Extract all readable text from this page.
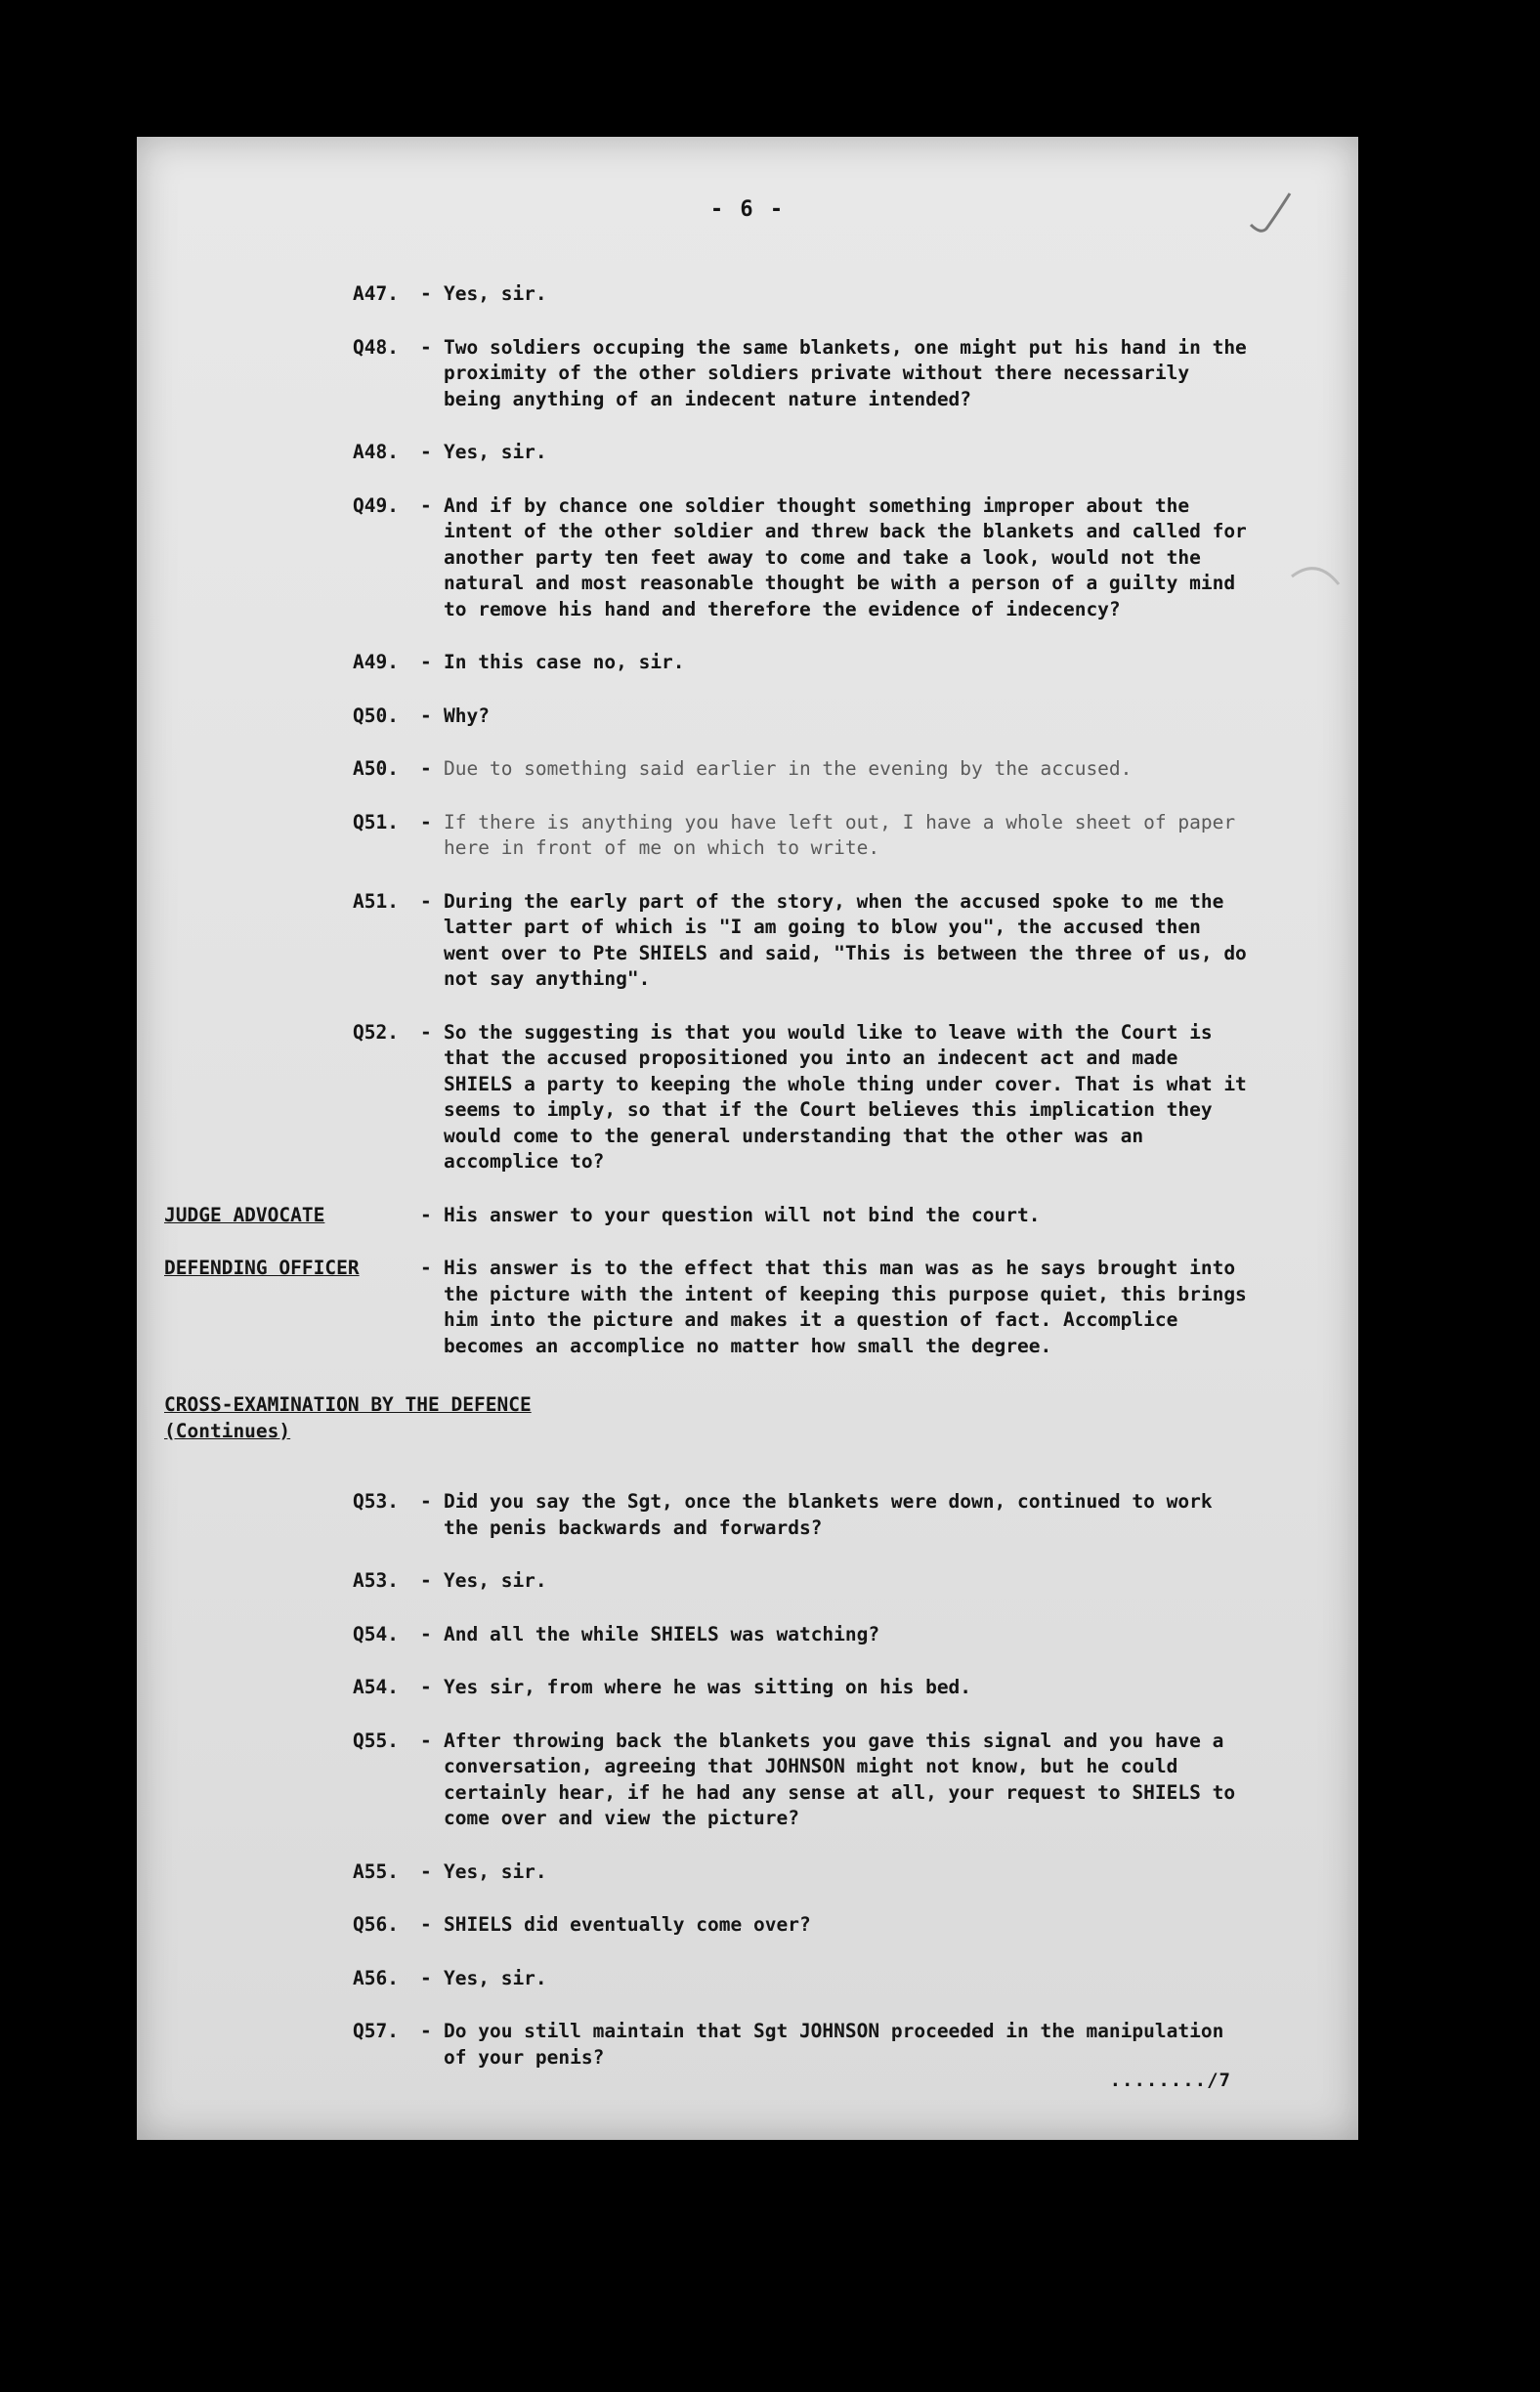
- 6 -
A47. - Yes, sir.
Q48. - Two soldiers occuping the same blankets, one might put his hand in the proximity of the other soldiers private without there necessarily being anything of an indecent nature intended?
A48. - Yes, sir.
Q49. - And if by chance one soldier thought something improper about the intent of the other soldier and threw back the blankets and called for another party ten feet away to come and take a look, would not the natural and most reasonable thought be with a person of a guilty mind to remove his hand and therefore the evidence of indecency?
A49. - In this case no, sir.
Q50. - Why?
A50. - Due to something said earlier in the evening by the accused.
Q51. - If there is anything you have left out, I have a whole sheet of paper here in front of me on which to write.
A51. - During the early part of the story, when the accused spoke to me the latter part of which is "I am going to blow you", the accused then went over to Pte SHIELS and said, "This is between the three of us, do not say anything".
Q52. - So the suggesting is that you would like to leave with the Court is that the accused propositioned you into an indecent act and made SHIELS a party to keeping the whole thing under cover. That is what it seems to imply, so that if the Court believes this implication they would come to the general understanding that the other was an accomplice to?
JUDGE ADVOCATE	- His answer to your question will not bind the court.
DEFENDING OFFICER	- His answer is to the effect that this man was as he says brought into the picture with the intent of keeping this purpose quiet, this brings him into the picture and makes it a question of fact. Accomplice becomes an accomplice no matter how small the degree.
CROSS-EXAMINATION BY THE DEFENCE
(Continues)
Q53. - Did you say the Sgt, once the blankets were down, continued to work the penis backwards and forwards?
A53. - Yes, sir.
Q54. - And all the while SHIELS was watching?
A54. - Yes sir, from where he was sitting on his bed.
Q55. - After throwing back the blankets you gave this signal and you have a conversation, agreeing that JOHNSON might not know, but he could certainly hear, if he had any sense at all, your request to SHIELS to come over and view the picture?
A55. - Yes, sir.
Q56. - SHIELS did eventually come over?
A56. - Yes, sir.
Q57. - Do you still maintain that Sgt JOHNSON proceeded in the manipulation of your penis?
......../7
